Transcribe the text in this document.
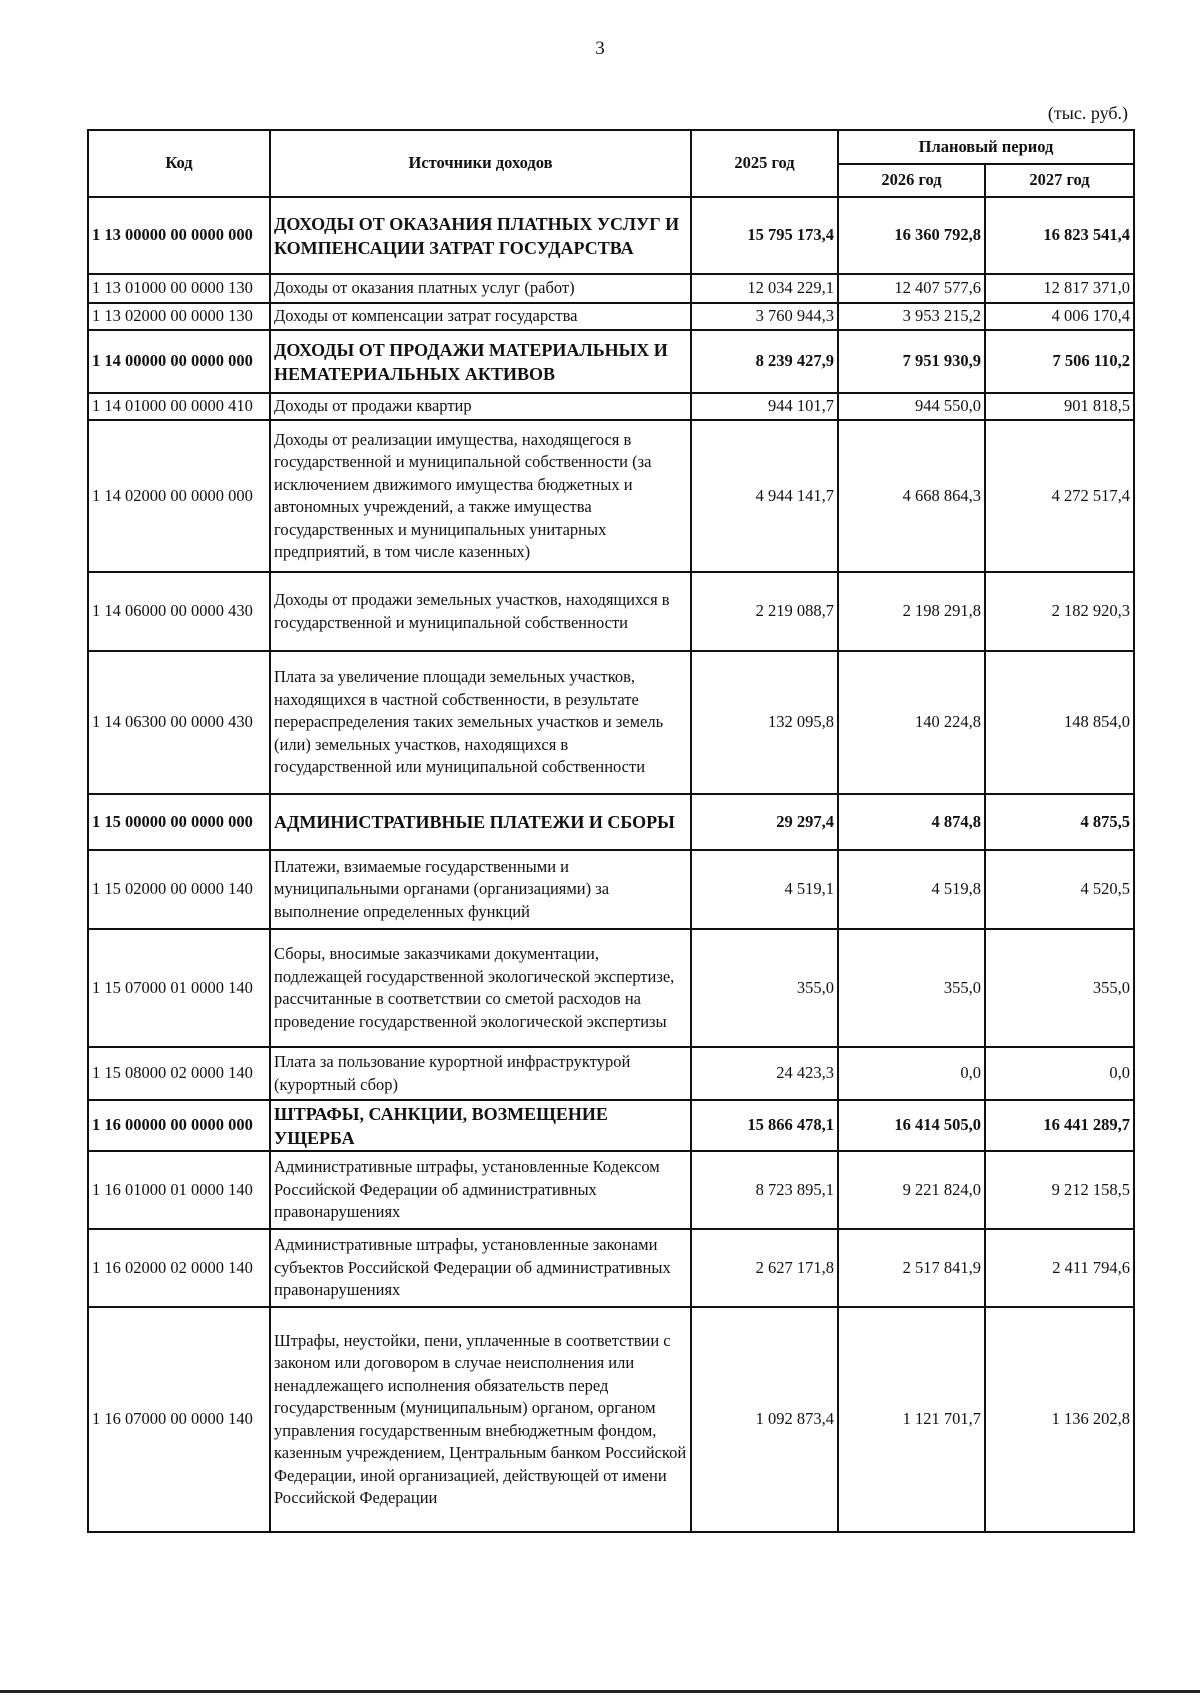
3
(тыс. руб.)
Код	Источники доходов	2025 год	Плановый период	
			2026 год	2027 год
1 13 00000 00 0000 000	ДОХОДЫ ОТ ОКАЗАНИЯ ПЛАТНЫХ УСЛУГ И КОМПЕНСАЦИИ ЗАТРАТ ГОСУДАРСТВА	15 795 173,4	16 360 792,8	16 823 541,4
1 13 01000 00 0000 130	Доходы от оказания платных услуг (работ)	12 034 229,1	12 407 577,6	12 817 371,0
1 13 02000 00 0000 130	Доходы от компенсации затрат государства	3 760 944,3	3 953 215,2	4 006 170,4
1 14 00000 00 0000 000	ДОХОДЫ ОТ ПРОДАЖИ МАТЕРИАЛЬНЫХ И НЕМАТЕРИАЛЬНЫХ АКТИВОВ	8 239 427,9	7 951 930,9	7 506 110,2
1 14 01000 00 0000 410	Доходы от продажи квартир	944 101,7	944 550,0	901 818,5
1 14 02000 00 0000 000	Доходы от реализации имущества, находящегося в государственной и муниципальной собственности (за исключением движимого имущества бюджетных и автономных учреждений, а также имущества государственных и муниципальных унитарных предприятий, в том числе казенных)	4 944 141,7	4 668 864,3	4 272 517,4
1 14 06000 00 0000 430	Доходы от продажи земельных участков, находящихся в государственной и муниципальной собственности	2 219 088,7	2 198 291,8	2 182 920,3
1 14 06300 00 0000 430	Плата за увеличение площади земельных участков, находящихся в частной собственности, в результате перераспределения таких земельных участков и земель (или) земельных участков, находящихся в государственной или муниципальной собственности	132 095,8	140 224,8	148 854,0
1 15 00000 00 0000 000	АДМИНИСТРАТИВНЫЕ ПЛАТЕЖИ И СБОРЫ	29 297,4	4 874,8	4 875,5
1 15 02000 00 0000 140	Платежи, взимаемые государственными и муниципальными органами (организациями) за выполнение определенных функций	4 519,1	4 519,8	4 520,5
1 15 07000 01 0000 140	Сборы, вносимые заказчиками документации, подлежащей государственной экологической экспертизе, рассчитанные в соответствии со сметой расходов на проведение государственной экологической экспертизы	355,0	355,0	355,0
1 15 08000 02 0000 140	Плата за пользование курортной инфраструктурой (курортный сбор)	24 423,3	0,0	0,0
1 16 00000 00 0000 000	ШТРАФЫ, САНКЦИИ, ВОЗМЕЩЕНИЕ УЩЕРБА	15 866 478,1	16 414 505,0	16 441 289,7
1 16 01000 01 0000 140	Административные штрафы, установленные Кодексом Российской Федерации об административных правонарушениях	8 723 895,1	9 221 824,0	9 212 158,5
1 16 02000 02 0000 140	Административные штрафы, установленные законами субъектов Российской Федерации об административных правонарушениях	2 627 171,8	2 517 841,9	2 411 794,6
1 16 07000 00 0000 140	Штрафы, неустойки, пени, уплаченные в соответствии с законом или договором в случае неисполнения или ненадлежащего исполнения обязательств перед государственным (муниципальным) органом, органом управления государственным внебюджетным фондом, казенным учреждением, Центральным банком Российской Федерации, иной организацией, действующей от имени Российской Федерации	1 092 873,4	1 121 701,7	1 136 202,8
